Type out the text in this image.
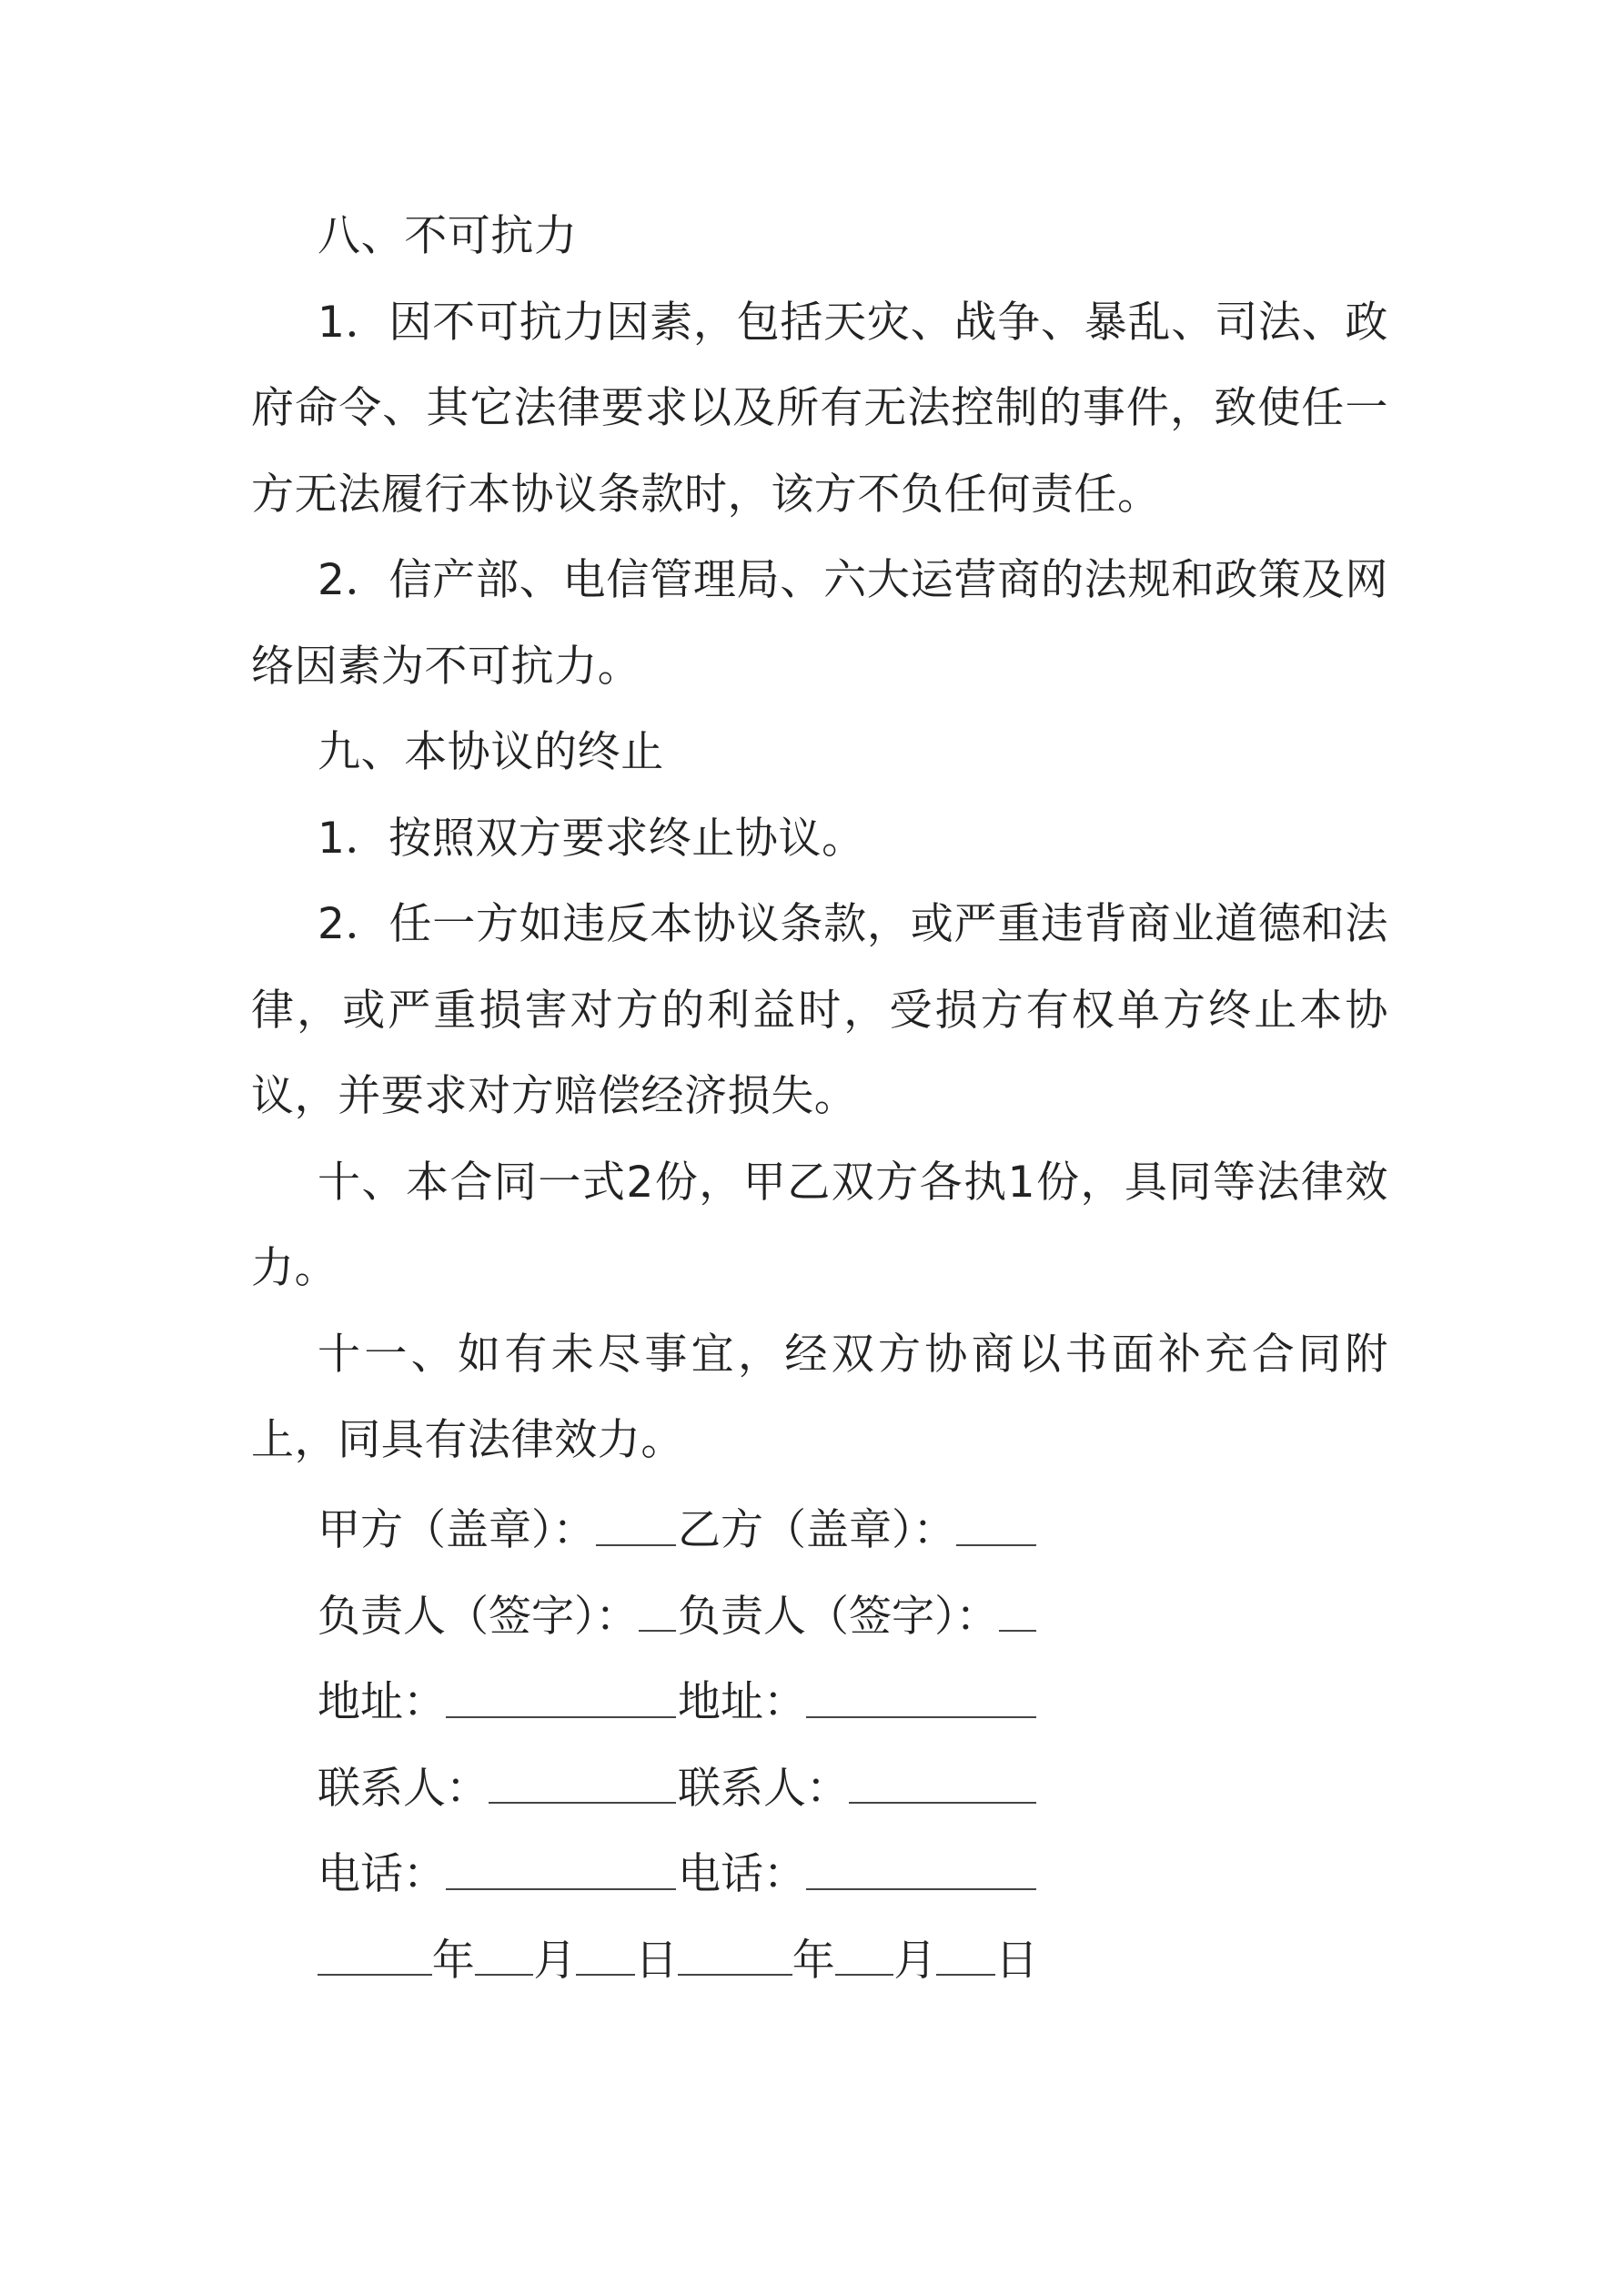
八、不可抗力

1．因不可抗力因素，包括天灾、战争、暴乱、司法、政府命令、其它法律要求以及所有无法控制的事件，致使任一方无法履行本协议条款时，该方不负任何责任。

2．信产部、电信管理局、六大运营商的法规和政策及网络因素为不可抗力。

九、本协议的终止

1．按照双方要求终止协议。

2．任一方如违反本协议条款，或严重违背商业道德和法律，或严重损害对方的利益时，受损方有权单方终止本协议，并要求对方赔偿经济损失。

十、本合同一式2份，甲乙双方各执1份，具同等法律效力。

十一、如有未尽事宜，经双方协商以书面补充合同附上，同具有法律效力。

甲方（盖章）： 乙方（盖章）：
负责人（签字）： 负责人（签字）：
地址：	地址：
联系人：	联系人：
电话：	电话：
年 月 日	年 月 日
